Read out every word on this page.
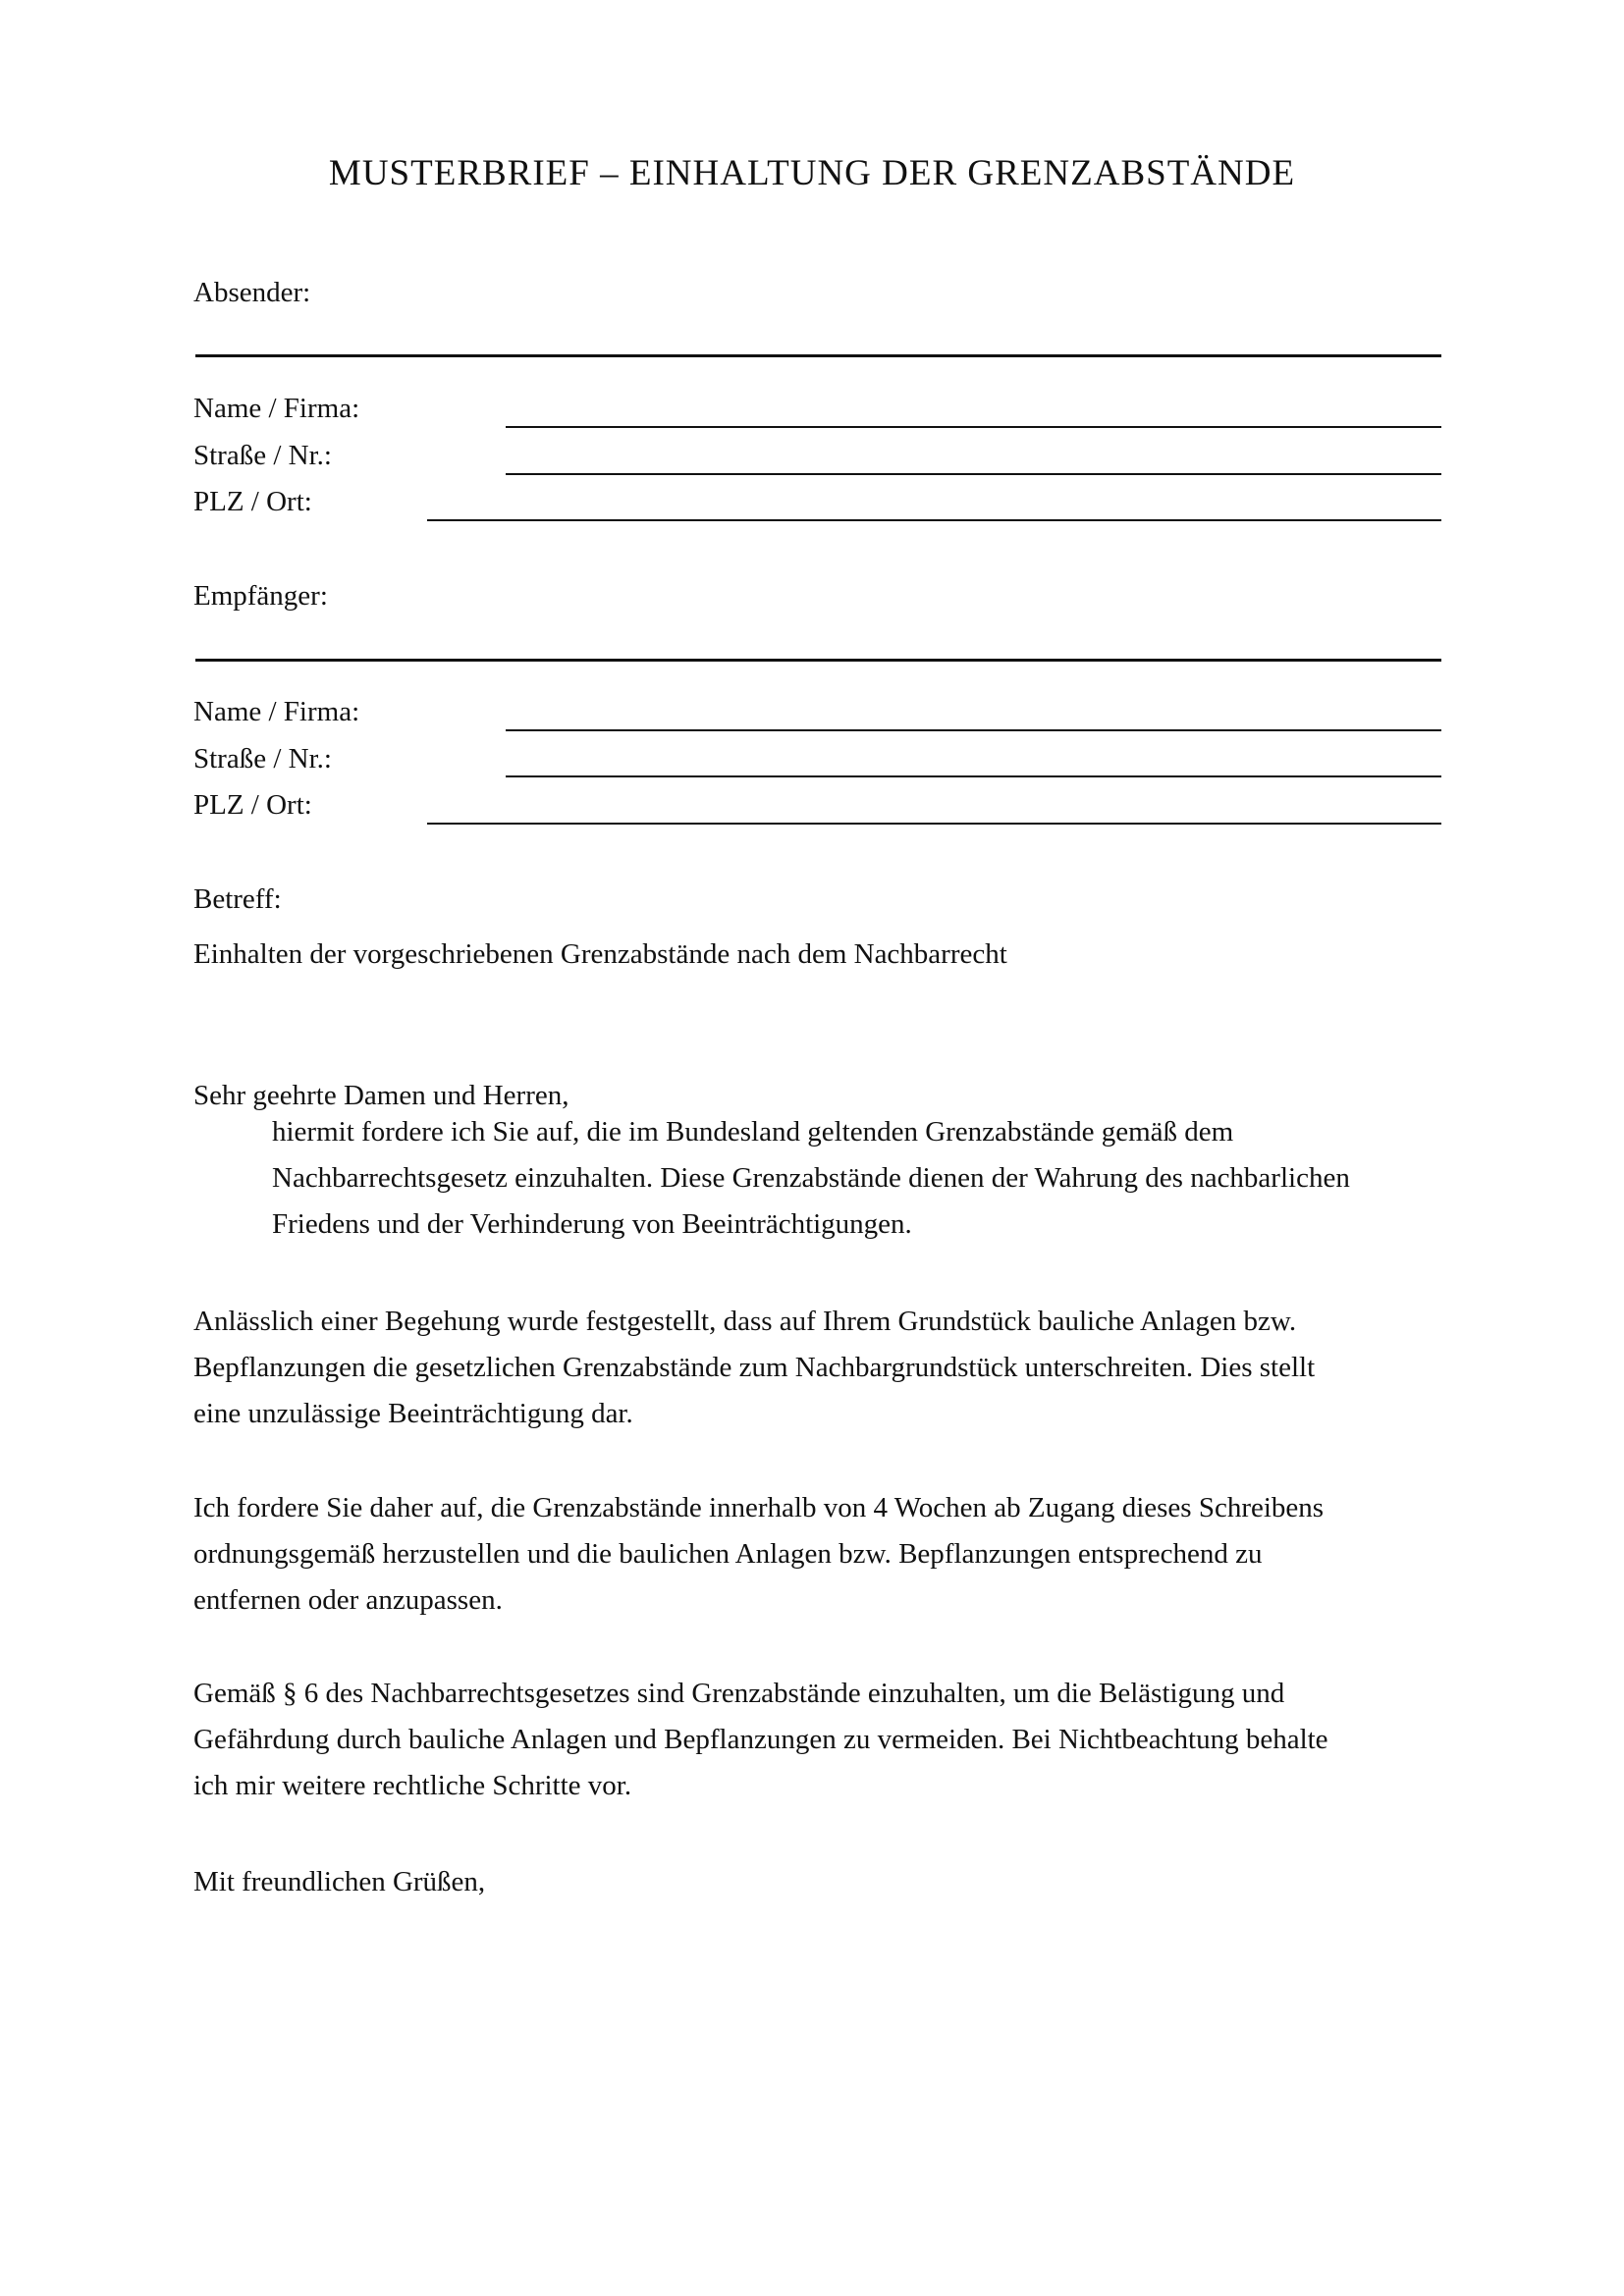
MUSTERBRIEF – EINHALTUNG DER GRENZABSTÄNDE
Absender:
Name / Firma:
Straße / Nr.:
PLZ / Ort:
Empfänger:
Name / Firma:
Straße / Nr.:
PLZ / Ort:
Betreff:
Einhalten der vorgeschriebenen Grenzabstände nach dem Nachbarrecht
Sehr geehrte Damen und Herren,

hiermit fordere ich Sie auf, die im Bundesland geltenden Grenzabstände gemäß dem
Nachbarrechtsgesetz einzuhalten. Diese Grenzabstände dienen der Wahrung des nachbarlichen
Friedens und der Verhinderung von Beeinträchtigungen.

Anlässlich einer Begehung wurde festgestellt, dass auf Ihrem Grundstück bauliche Anlagen bzw.
Bepflanzungen die gesetzlichen Grenzabstände zum Nachbargrundstück unterschreiten. Dies stellt
eine unzulässige Beeinträchtigung dar.

Ich fordere Sie daher auf, die Grenzabstände innerhalb von 4 Wochen ab Zugang dieses Schreibens
ordnungsgemäß herzustellen und die baulichen Anlagen bzw. Bepflanzungen entsprechend zu
entfernen oder anzupassen.

Gemäß § 6 des Nachbarrechtsgesetzes sind Grenzabstände einzuhalten, um die Belästigung und
Gefährdung durch bauliche Anlagen und Bepflanzungen zu vermeiden. Bei Nichtbeachtung behalte
ich mir weitere rechtliche Schritte vor.

Mit freundlichen Grüßen,
